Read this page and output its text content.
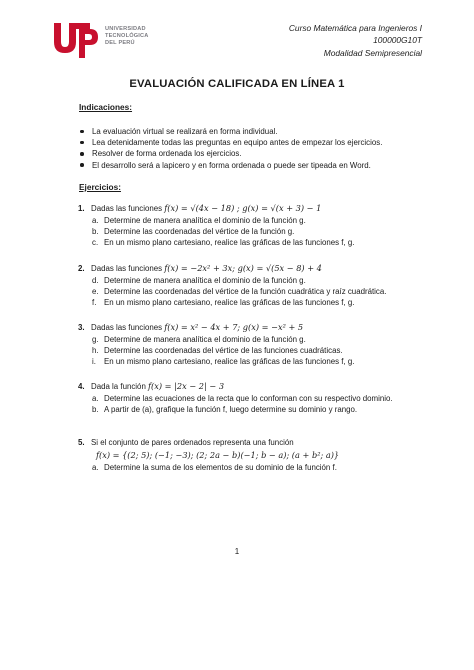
UNIVERSIDAD
TECNOLÓGICA
DEL PERÚ
Curso Matemática para Ingenieros I
100000G10T
Modalidad Semipresencial
EVALUACIÓN CALIFICADA EN LÍNEA 1
Indicaciones:
La evaluación virtual se realizará en forma individual.
Lea detenidamente todas las preguntas en equipo antes de empezar los ejercicios.
Resolver de forma ordenada los ejercicios.
El desarrollo será a lapicero y en forma ordenada o puede ser tipeada en Word.
Ejercicios:
1. Dadas las funciones f(x) = √(4x − 18) ; g(x) = √(x + 3) − 1
a. Determine de manera analítica el dominio de la función g.
b. Determine las coordenadas del vértice de la función g.
c. En un mismo plano cartesiano, realice las gráficas de las funciones f, g.
2. Dadas las funciones f(x) = −2x² + 3x; g(x) = √(5x − 8) + 4
d. Determine de manera analítica el dominio de la función g.
e. Determine las coordenadas del vértice de la función cuadrática y raíz cuadrática.
f. En un mismo plano cartesiano, realice las gráficas de las funciones f, g.
3. Dadas las funciones f(x) = x² − 4x + 7; g(x) = −x² + 5
g. Determine de manera analítica el dominio de la función g.
h. Determine las coordenadas del vértice de las funciones cuadráticas.
i. En un mismo plano cartesiano, realice las gráficas de las funciones f, g.
4. Dada la función f(x) = |2x − 2| − 3
a. Determine las ecuaciones de la recta que lo conforman con su respectivo dominio.
b. A partir de (a), grafique la función f, luego determine su dominio y rango.
5. Si el conjunto de pares ordenados representa una función
f(x) = {(2; 5); (−1; −3); (2; 2a − b)(−1; b − a); (a + b²; a)}
a. Determine la suma de los elementos de su dominio de la función f.
1
